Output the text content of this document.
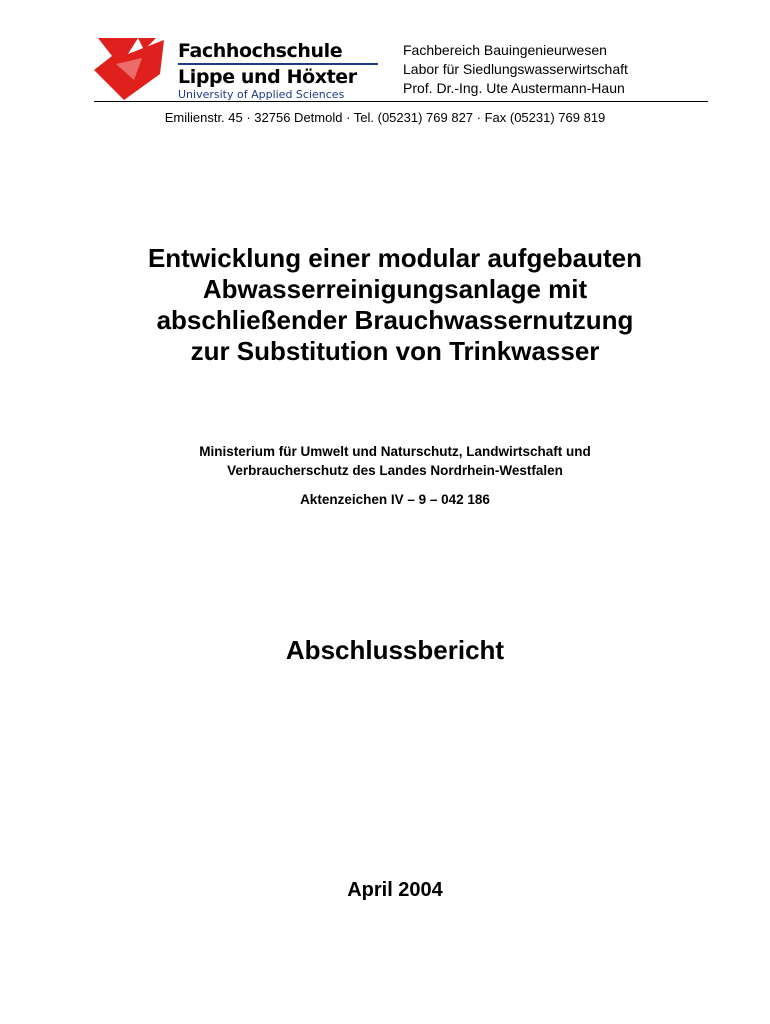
Fachhochschule
Lippe und Höxter
University of Applied Sciences
Fachbereich Bauingenieurwesen
Labor für Siedlungswasserwirtschaft
Prof. Dr.-Ing. Ute Austermann-Haun
Emilienstr. 45 · 32756 Detmold · Tel. (05231) 769 827 · Fax (05231) 769 819
Entwicklung einer modular aufgebauten
Abwasserreinigungsanlage mit
abschließender Brauchwassernutzung
zur Substitution von Trinkwasser
Ministerium für Umwelt und Naturschutz, Landwirtschaft und
Verbraucherschutz des Landes Nordrhein-Westfalen
Aktenzeichen IV – 9 – 042 186
Abschlussbericht
April 2004
